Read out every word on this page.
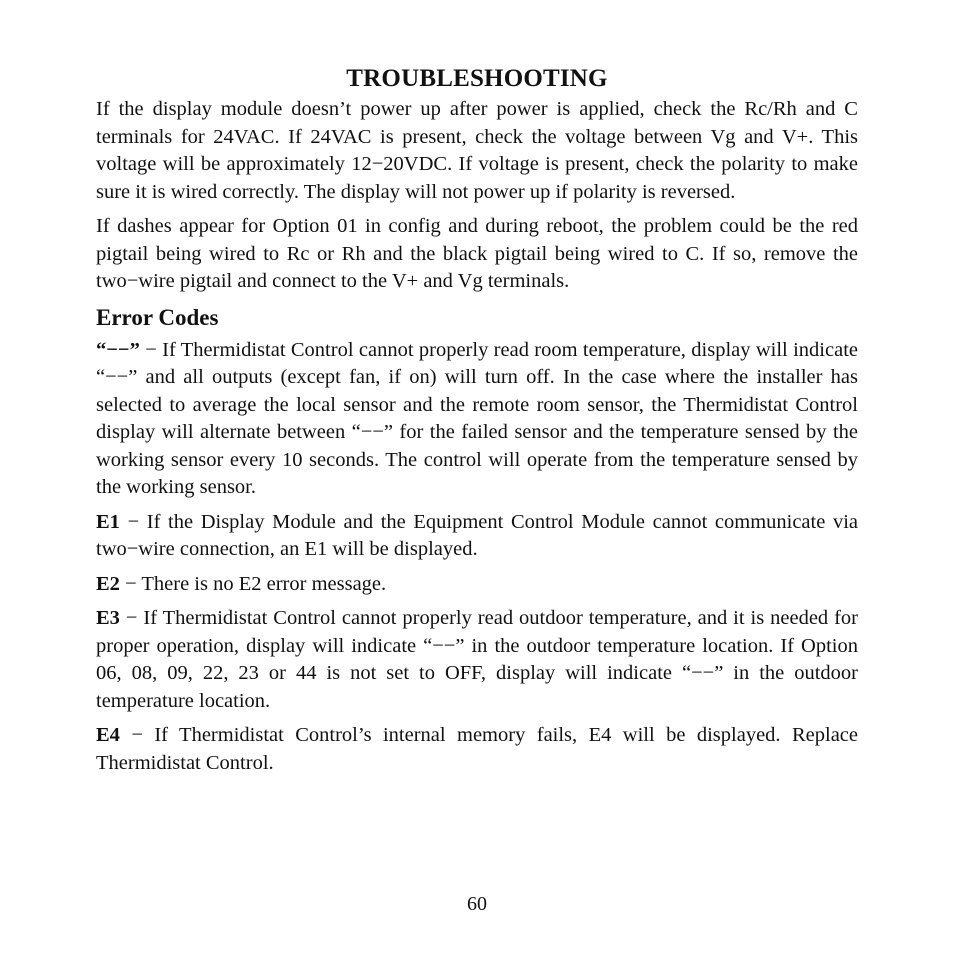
TROUBLESHOOTING

If the display module doesn’t power up after power is applied, check the Rc/Rh and C terminals for 24VAC. If 24VAC is present, check the voltage between Vg and V+. This voltage will be approximately 12−20VDC. If voltage is present, check the polarity to make sure it is wired correctly. The display will not power up if polarity is reversed.

If dashes appear for Option 01 in config and during reboot, the problem could be the red pigtail being wired to Rc or Rh and the black pigtail being wired to C. If so, remove the two−wire pigtail and connect to the V+ and Vg terminals.

Error Codes

“−−” − If Thermidistat Control cannot properly read room temperature, display will indicate “−−” and all outputs (except fan, if on) will turn off. In the case where the installer has selected to average the local sensor and the remote room sensor, the Thermidistat Control display will alternate between “−−” for the failed sensor and the temperature sensed by the working sensor every 10 seconds. The control will operate from the temperature sensed by the working sensor.

E1 − If the Display Module and the Equipment Control Module cannot communicate via two−wire connection, an E1 will be displayed.

E2 − There is no E2 error message.

E3 − If Thermidistat Control cannot properly read outdoor temperature, and it is needed for proper operation, display will indicate “−−” in the outdoor temperature location. If Option 06, 08, 09, 22, 23 or 44 is not set to OFF, display will indicate “−−” in the outdoor temperature location.

E4 − If Thermidistat Control’s internal memory fails, E4 will be displayed. Replace Thermidistat Control.

60
